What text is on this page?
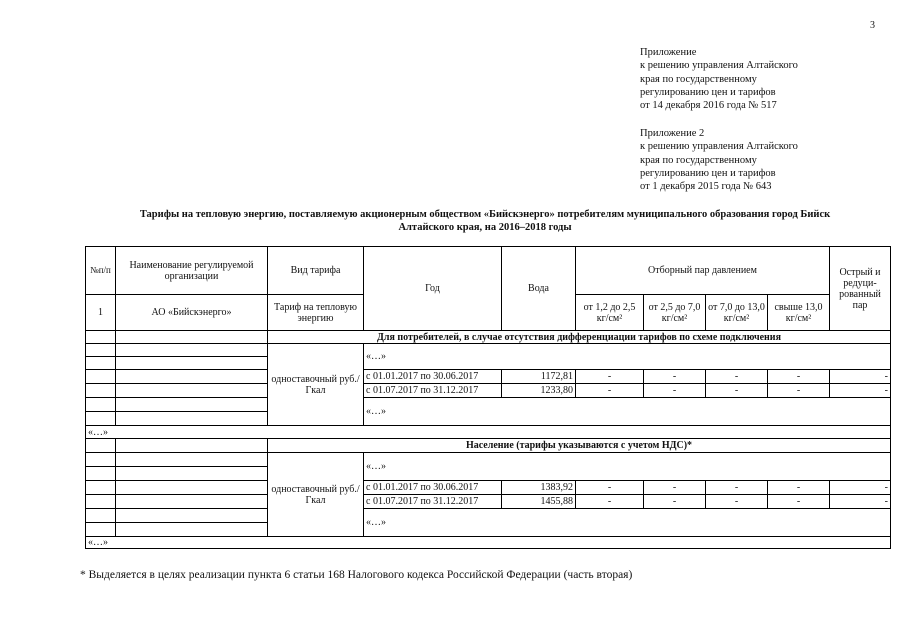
3
Приложение
к решению управления Алтайского
края по государственному
регулированию цен и тарифов
от 14 декабря 2016 года № 517
Приложение 2
к решению управления Алтайского
края по государственному
регулированию цен и тарифов
от 1 декабря 2015 года № 643
Тарифы на тепловую энергию, поставляемую акционерным обществом «Бийскэнерго» потребителям муниципального образования город Бийск
Алтайского края, на 2016–2018 годы
№п/п	Наименование регулируемой организации	Вид тарифа	Год	Вода	Отборный пар давлением				Острый и редуци-рованный пар
1	АО «Бийскэнерго»	Тариф на тепловую энергию			от 1,2 до 2,5 кг/см²	от 2,5 до 7,0 кг/см²	от 7,0 до 13,0 кг/см²	свыше 13,0 кг/см²	
		Для потребителей, в случае отсутствия дифференциации тарифов по схеме подключения							
		одноставочный руб./Гкал	«…»						

			с 01.01.2017 по 30.06.2017	1172,81	-	-	-	-	-
			с 01.07.2017 по 31.12.2017	1233,80	-	-	-	-	-
			«…»						

«…»									
		Население (тарифы указываются с учетом НДС)*							
		одноставочный руб./Гкал	«…»						

			с 01.01.2017 по 30.06.2017	1383,92	-	-	-	-	-
			с 01.07.2017 по 31.12.2017	1455,88	-	-	-	-	-
			«…»						

«…»									
* Выделяется в целях реализации пункта 6 статьи 168 Налогового кодекса Российской Федерации (часть вторая)
